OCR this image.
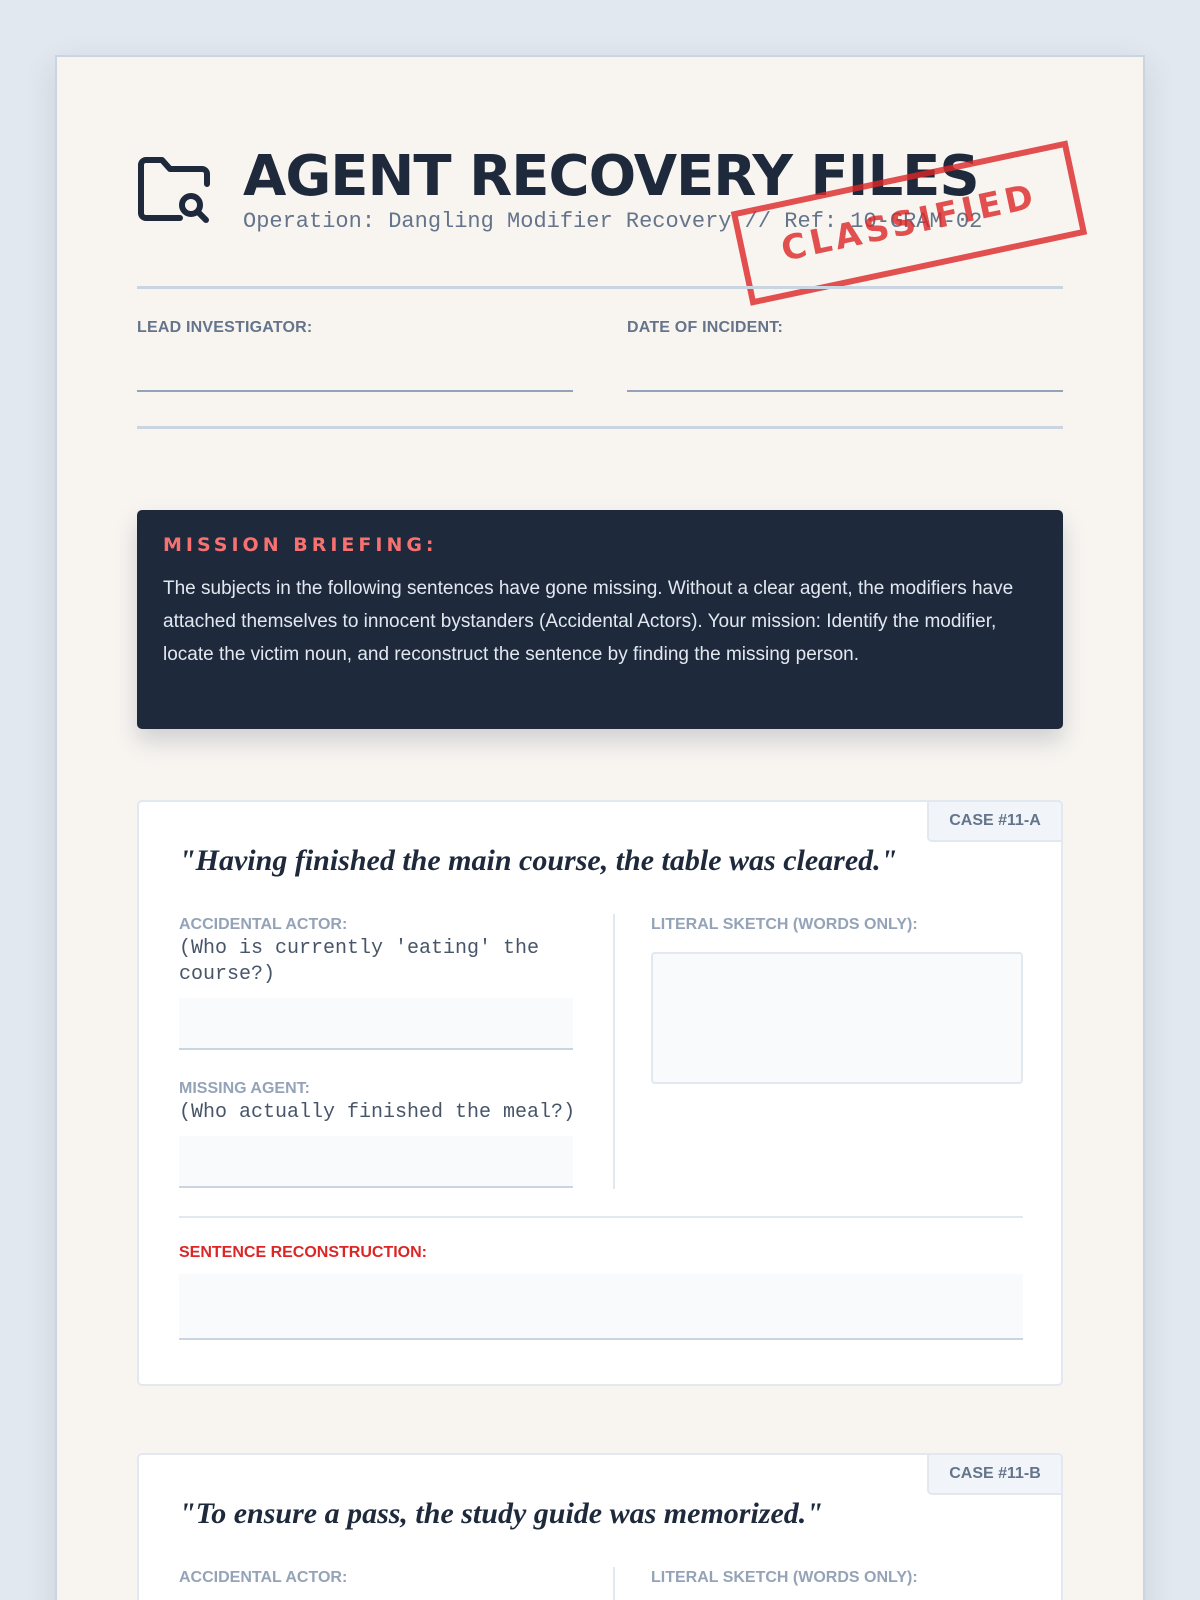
AGENT RECOVERY FILES
Operation: Dangling Modifier Recovery // Ref: 10-GRAM-02
CLASSIFIED
LEAD INVESTIGATOR:	DATE OF INCIDENT:
MISSION BRIEFING:
The subjects in the following sentences have gone missing. Without a clear agent, the modifiers have attached themselves to innocent bystanders (Accidental Actors). Your mission: Identify the modifier, locate the victim noun, and reconstruct the sentence by finding the missing person.
CASE #11-A
"Having finished the main course, the table was cleared."
ACCIDENTAL ACTOR:
(Who is currently 'eating' the course?)
MISSING AGENT:
(Who actually finished the meal?)
LITERAL SKETCH (WORDS ONLY):
SENTENCE RECONSTRUCTION:
CASE #11-B
"To ensure a pass, the study guide was memorized."
ACCIDENTAL ACTOR:	LITERAL SKETCH (WORDS ONLY):
